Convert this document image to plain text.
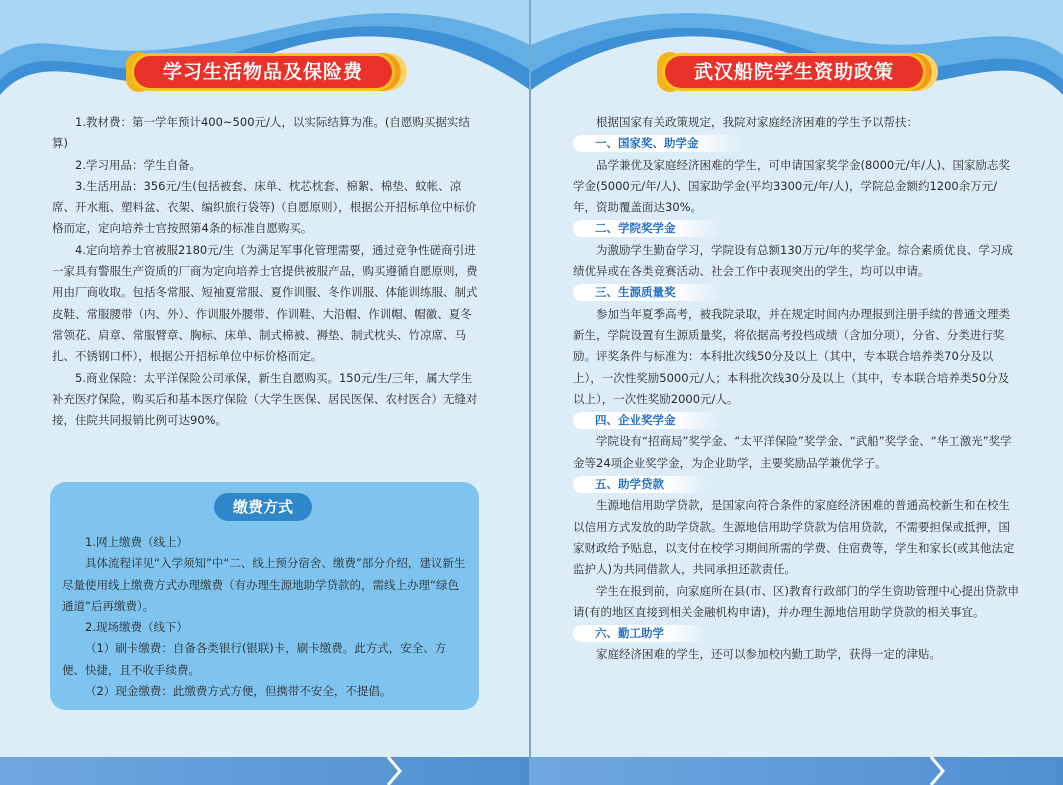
学习生活物品及保险费

1.教材费：第一学年预计400~500元/人，以实际结算为准。(自愿购买据实结算)

2.学习用品：学生自备。

3.生活用品：356元/生(包括被套、床单、枕芯枕套、棉絮、棉垫、蚊帐、凉席、开水瓶、塑料盆、衣架、编织旅行袋等)（自愿原则），根据公开招标单位中标价格而定，定向培养士官按照第4条的标准自愿购买。

4.定向培养士官被服2180元/生（为满足军事化管理需要，通过竞争性磋商引进一家具有警服生产资质的厂商为定向培养士官提供被服产品，购买遵循自愿原则，费用由厂商收取。包括冬常服、短袖夏常服、夏作训服、冬作训服、体能训练服、制式皮鞋、常服腰带（内、外）、作训服外腰带、作训鞋、大沿帽、作训帽、帽徽、夏冬常领花、肩章、常服臂章、胸标、床单、制式棉被、褥垫、制式枕头、竹凉席、马扎、不锈钢口杯），根据公开招标单位中标价格而定。

5.商业保险：太平洋保险公司承保，新生自愿购买。150元/生/三年，属大学生补充医疗保险，购买后和基本医疗保险（大学生医保、居民医保、农村医合）无缝对接，住院共同报销比例可达90%。

缴费方式

1.网上缴费（线上）

具体流程详见“入学须知”中“二、线上预分宿舍、缴费”部分介绍，建议新生尽量使用线上缴费方式办理缴费（有办理生源地助学贷款的，需线上办理“绿色通道”后再缴费）。

2.现场缴费（线下）

（1）刷卡缴费：自备各类银行(银联)卡，刷卡缴费。此方式，安全、方便、快捷，且不收手续费。

（2）现金缴费：此缴费方式方便，但携带不安全，不提倡。

武汉船院学生资助政策

根据国家有关政策规定，我院对家庭经济困难的学生予以帮扶：

一、国家奖、助学金

品学兼优及家庭经济困难的学生，可申请国家奖学金(8000元/年/人)、国家励志奖学金(5000元/年/人)、国家助学金(平均3300元/年/人)，学院总金额约1200余万元/年，资助覆盖面达30%。

二、学院奖学金

为激励学生勤奋学习，学院设有总额130万元/年的奖学金。综合素质优良、学习成绩优异或在各类竞赛活动、社会工作中表现突出的学生，均可以申请。

三、生源质量奖

参加当年夏季高考，被我院录取，并在规定时间内办理报到注册手续的普通文理类新生，学院设置有生源质量奖，将依据高考投档成绩（含加分项），分省、分类进行奖励。评奖条件与标准为：本科批次线50分及以上（其中，专本联合培养类70分及以上），一次性奖励5000元/人；本科批次线30分及以上（其中，专本联合培养类50分及以上），一次性奖励2000元/人。

四、企业奖学金

学院设有“招商局”奖学金、“太平洋保险”奖学金、“武船”奖学金、“华工激光”奖学金等24项企业奖学金，为企业助学，主要奖励品学兼优学子。

五、助学贷款

生源地信用助学贷款，是国家向符合条件的家庭经济困难的普通高校新生和在校生以信用方式发放的助学贷款。生源地信用助学贷款为信用贷款，不需要担保或抵押，国家财政给予贴息，以支付在校学习期间所需的学费、住宿费等，学生和家长(或其他法定监护人)为共同借款人，共同承担还款责任。

学生在报到前，向家庭所在县(市、区)教育行政部门的学生资助管理中心提出贷款申请(有的地区直接到相关金融机构申请)，并办理生源地信用助学贷款的相关事宜。

六、勤工助学

家庭经济困难的学生，还可以参加校内勤工助学，获得一定的津贴。
